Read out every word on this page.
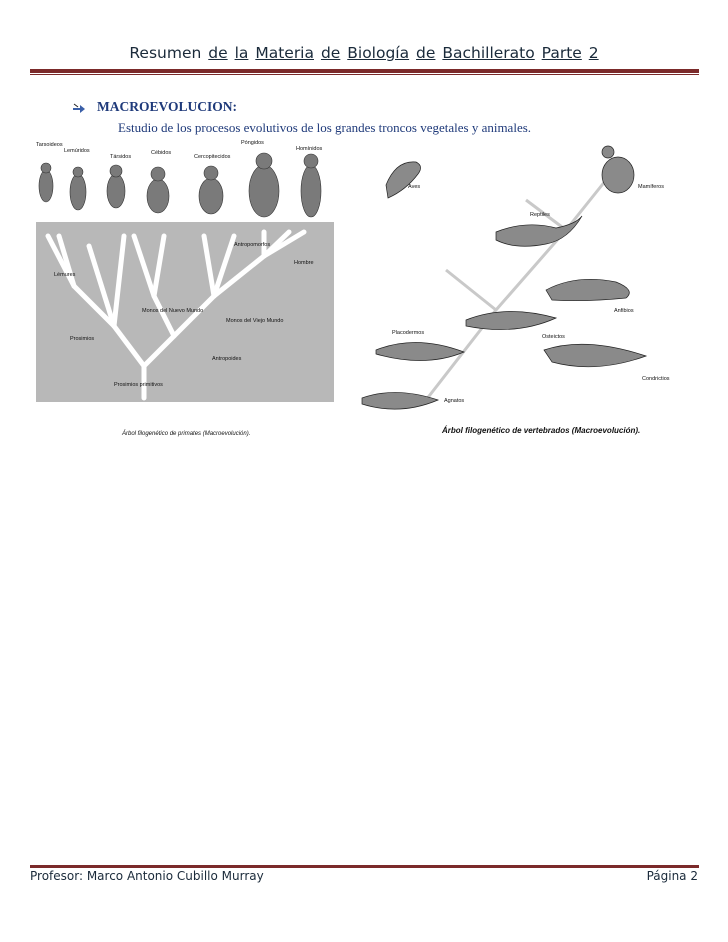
Resumen de la Materia de Biología de Bachillerato Parte 2
MACROEVOLUCION:
Estudio de los procesos evolutivos de los grandes troncos vegetales y animales.
Tarsoideos
Lemúridos
Társidos
Cébidos
Cercopitecidos
Póngidos
Homínidos
Antropomorfos
Hombre
Lémures
Monos del Nuevo Mundo
Monos del Viejo Mundo
Prosimios
Antropoides
Prosimios primitivos
Árbol filogenético de primates (Macroevolución).
Aves	Mamíferos
Reptiles
Anfibios
Placodermos
Osteictos
Condrictios
Agnatos
Árbol filogenético de vertebrados (Macroevolución).
Profesor: Marco Antonio Cubillo Murray	Página 2
